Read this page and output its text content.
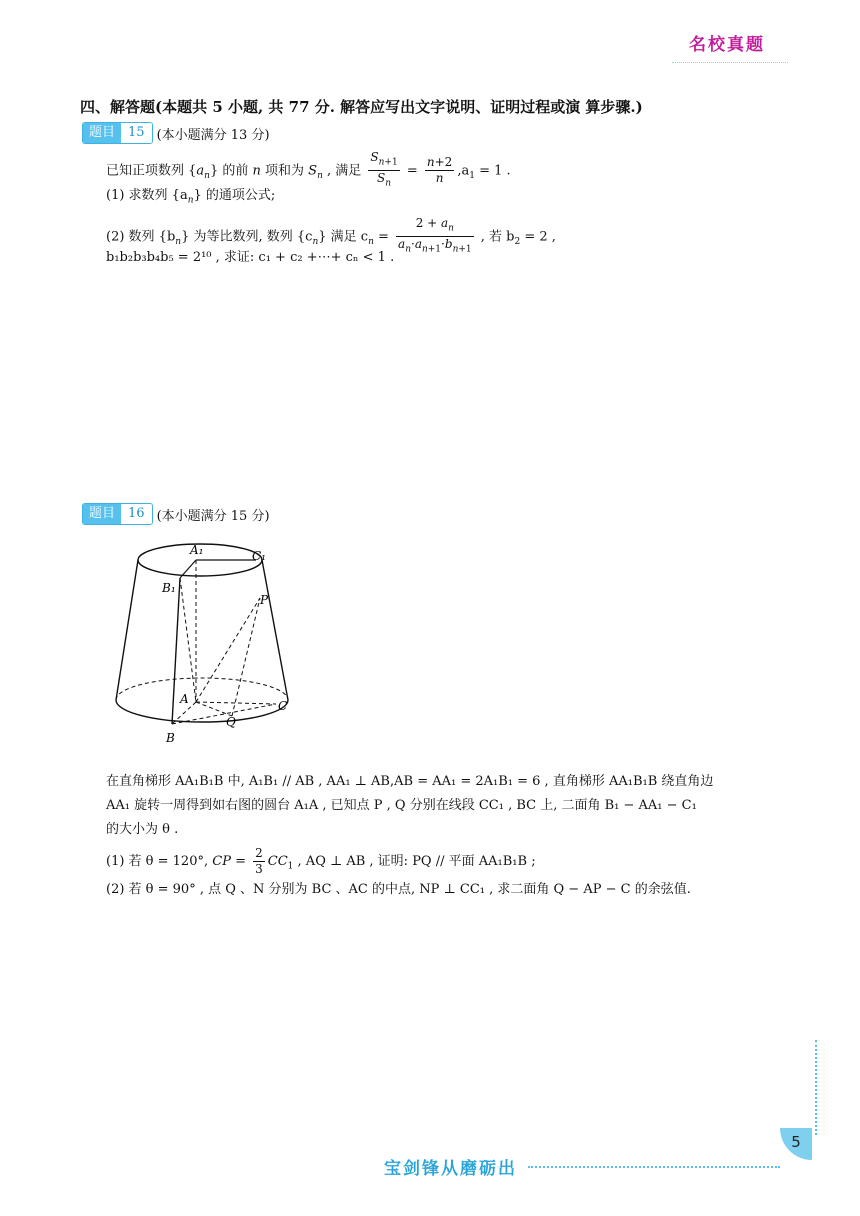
名校真题
四、解答题(本题共 5 小题, 共 77 分. 解答应写出文字说明、证明过程或演 算步骤.)
题目	15 (本小题满分 13 分)
已知正项数列 $\{a_n\}$ 的前 n 项和为 $S_n$ , 满足 $\frac{S_{n+1}}{S_n} = \frac{n+2}{n} ,a_1 = 1$ .
(1) 求数列 $\{a_n\}$ 的通项公式;
(2) 数列 $\{b_n\}$ 为等比数列, 数列 $\{c_n\}$ 满足 $c_n = \frac{2 + a_n}{a_n\cdot a_{n+1}\cdot b_{n+1}}$ , 若 $b_2 = 2$ ,
b₁b₂b₃b₄b₅ = 2¹⁰ , 求证: c₁ + c₂ +⋯+ cₙ < 1 .
题目	16 (本小题满分 15 分)
A₁	C₁
B₁
P
A	C
Q
B
在直角梯形 AA₁B₁B 中, A₁B₁ // AB , AA₁ ⊥ AB,AB = AA₁ = 2A₁B₁ = 6 , 直角梯形 AA₁B₁B 绕直角边
AA₁ 旋转一周得到如右图的圆台 A₁A , 已知点 P , Q 分别在线段 CC₁ , BC 上, 二面角 B₁ − AA₁ − C₁
的大小为 θ .
(1) 若 θ = 120°, CP = $\frac{2}{3} CC_1$ , AQ ⊥ AB , 证明: PQ // 平面 AA₁B₁B ;
(2) 若 θ = 90° , 点 Q 、N 分别为 BC 、AC 的中点, NP ⊥ CC₁ , 求二面角 Q − AP − C 的余弦值.
5
宝剑锋从磨砺出
